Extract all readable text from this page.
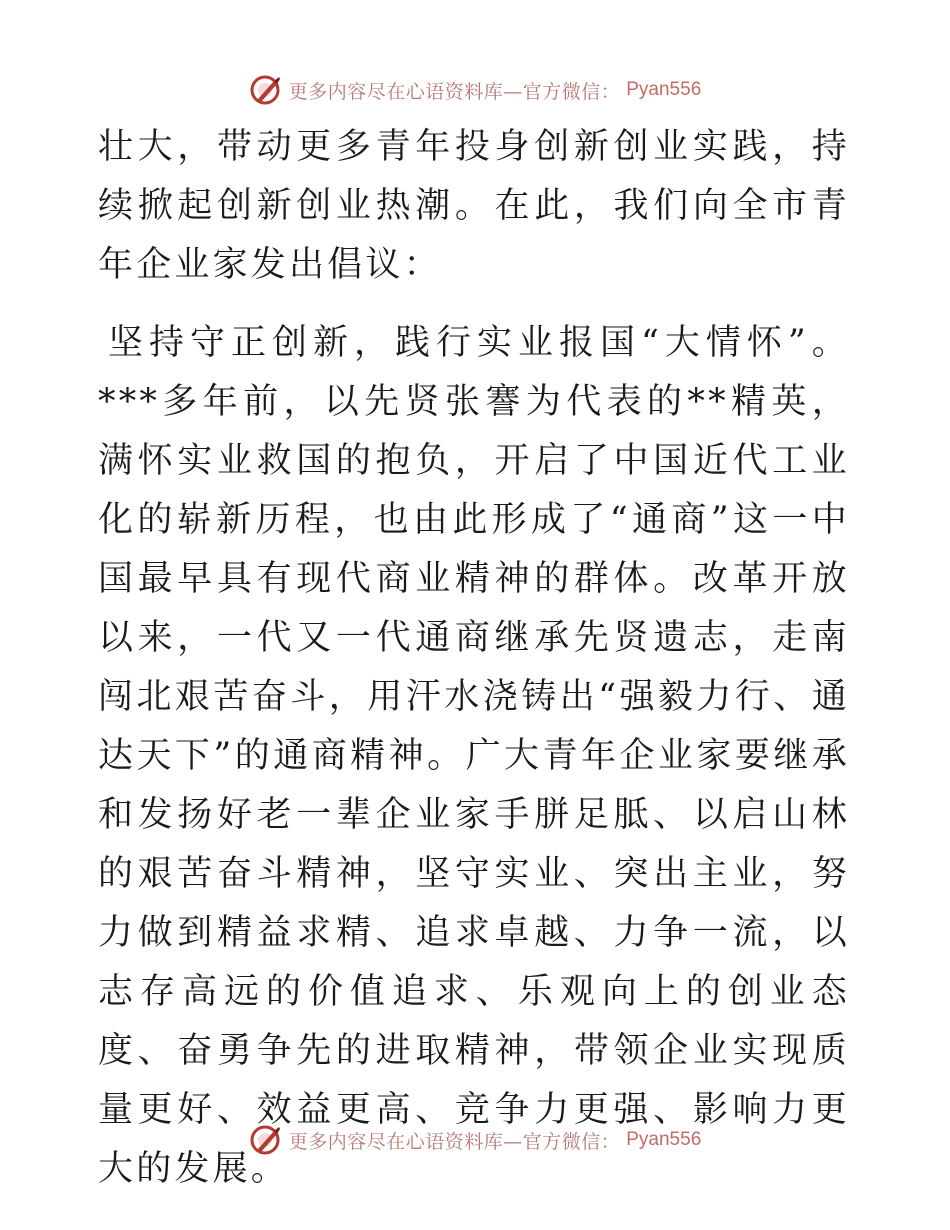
更多内容尽在心语资料库—官方微信： Pyan556

壮大，带动更多青年投身创新创业实践，持续掀起创新创业热潮。在此，我们向全市青年企业家发出倡议：

坚持守正创新，践行实业报国“大情怀”。***多年前，以先贤张謇为代表的**精英，满怀实业救国的抱负，开启了中国近代工业化的崭新历程，也由此形成了“通商”这一中国最早具有现代商业精神的群体。改革开放以来，一代又一代通商继承先贤遗志，走南闯北艰苦奋斗，用汗水浇铸出“强毅力行、通达天下”的通商精神。广大青年企业家要继承和发扬好老一辈企业家手胼足胝、以启山林的艰苦奋斗精神，坚守实业、突出主业，努力做到精益求精、追求卓越、力争一流，以志存高远的价值追求、乐观向上的创业态度、奋勇争先的进取精神，带领企业实现质量更好、效益更高、竞争力更强、影响力更大的发展。

更多内容尽在心语资料库—官方微信： Pyan556
